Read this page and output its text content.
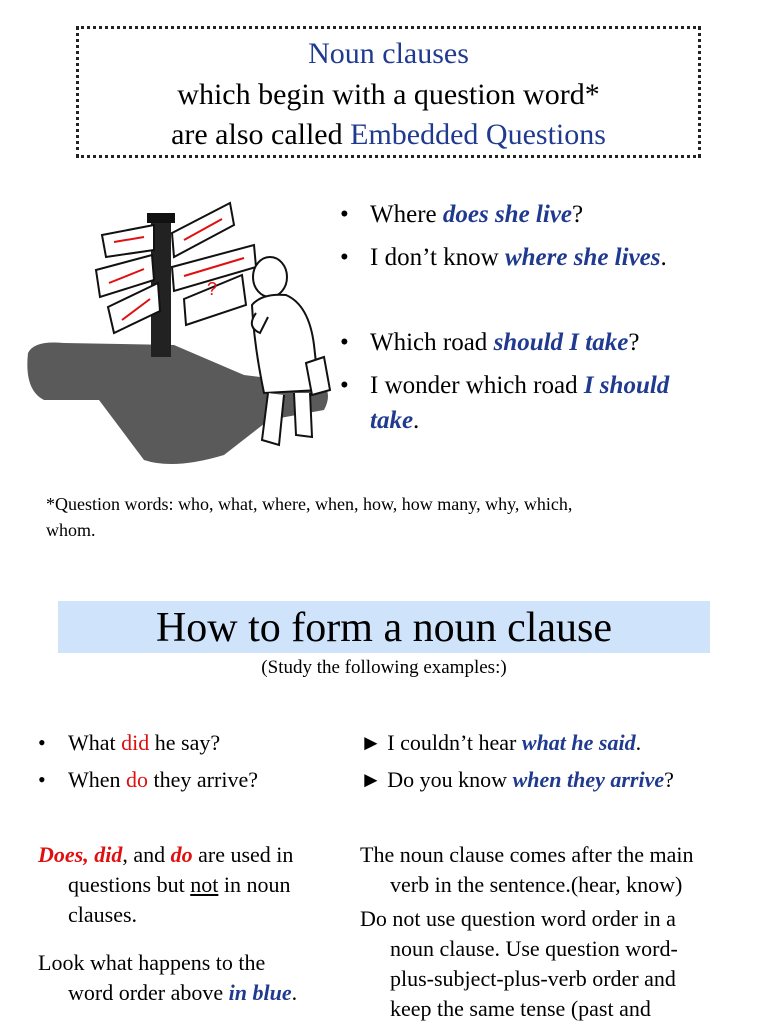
Noun clauses
which begin with a question word*
are also called Embedded Questions
?
• Where does she live?
• I don’t know where she lives.
• Which road should I take?
• I wonder which road I should
take.
*Question words: who, what, where, when, how, how many, why, which,
whom.
How to form a noun clause
(Study the following examples:)
• What did he say?
• When do they arrive?
► I couldn’t hear what he said.
► Do you know when they arrive?
Does, did, and do are used in
questions but not in noun
clauses.
Look what happens to the
word order above in blue.
The noun clause comes after the main
verb in the sentence.(hear, know)
Do not use question word order in a
noun clause. Use question word-
plus-subject-plus-verb order and
keep the same tense (past and
